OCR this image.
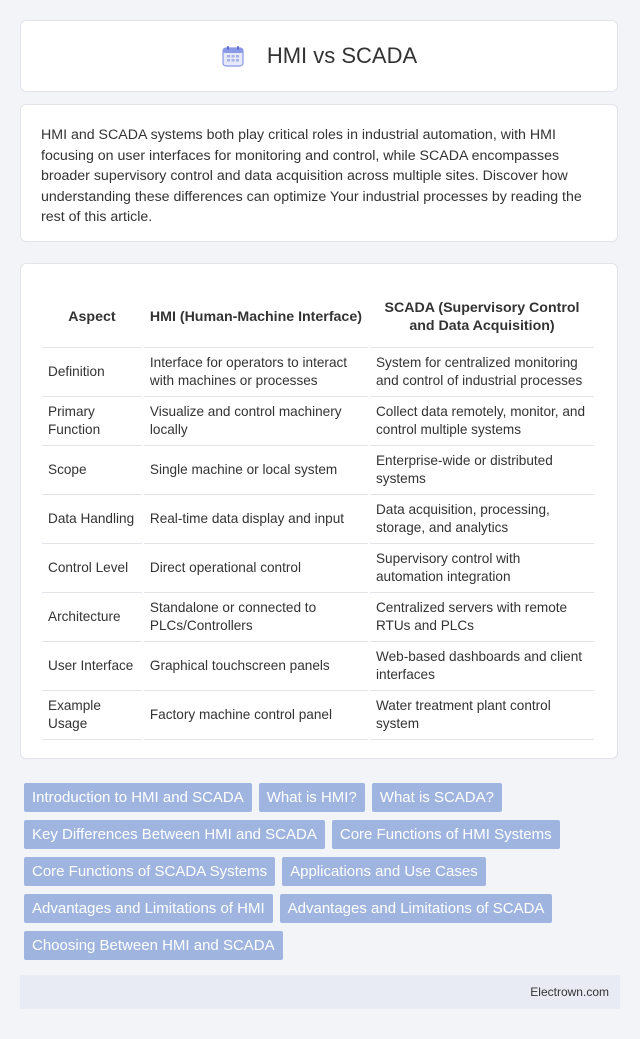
HMI vs SCADA

HMI and SCADA systems both play critical roles in industrial automation, with HMI focusing on user interfaces for monitoring and control, while SCADA encompasses broader supervisory control and data acquisition across multiple sites. Discover how understanding these differences can optimize Your industrial processes by reading the rest of this article.

Aspect	HMI (Human-Machine Interface)	SCADA (Supervisory Control and Data Acquisition)
Definition	Interface for operators to interact with machines or processes	System for centralized monitoring and control of industrial processes
Primary Function	Visualize and control machinery locally	Collect data remotely, monitor, and control multiple systems
Scope	Single machine or local system	Enterprise-wide or distributed systems
Data Handling	Real-time data display and input	Data acquisition, processing, storage, and analytics
Control Level	Direct operational control	Supervisory control with automation integration
Architecture	Standalone or connected to PLCs/Controllers	Centralized servers with remote RTUs and PLCs
User Interface	Graphical touchscreen panels	Web-based dashboards and client interfaces
Example Usage	Factory machine control panel	Water treatment plant control system
Introduction to HMI and SCADA	What is HMI?	What is SCADA?
Key Differences Between HMI and SCADA	Core Functions of HMI Systems
Core Functions of SCADA Systems	Applications and Use Cases
Advantages and Limitations of HMI	Advantages and Limitations of SCADA
Choosing Between HMI and SCADA
Electrown.com
